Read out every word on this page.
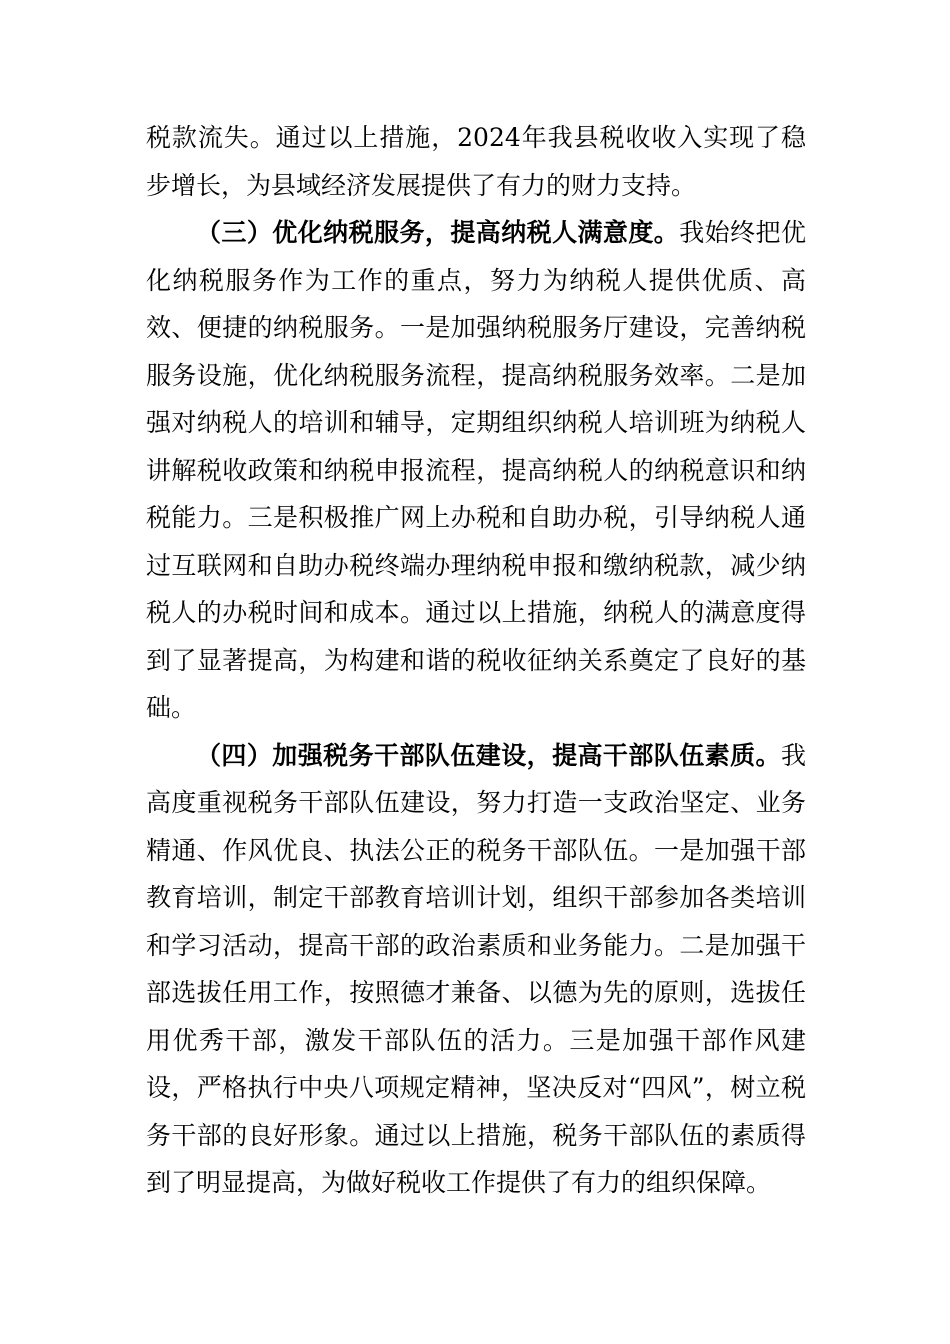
税款流失。通过以上措施，2024年我县税收收入实现了稳步增长，为县域经济发展提供了有力的财力支持。

（三）优化纳税服务，提高纳税人满意度。我始终把优化纳税服务作为工作的重点，努力为纳税人提供优质、高效、便捷的纳税服务。一是加强纳税服务厅建设，完善纳税服务设施，优化纳税服务流程，提高纳税服务效率。二是加强对纳税人的培训和辅导，定期组织纳税人培训班为纳税人讲解税收政策和纳税申报流程，提高纳税人的纳税意识和纳税能力。三是积极推广网上办税和自助办税，引导纳税人通过互联网和自助办税终端办理纳税申报和缴纳税款，减少纳税人的办税时间和成本。通过以上措施，纳税人的满意度得到了显著提高，为构建和谐的税收征纳关系奠定了良好的基础。

（四）加强税务干部队伍建设，提高干部队伍素质。我高度重视税务干部队伍建设，努力打造一支政治坚定、业务精通、作风优良、执法公正的税务干部队伍。一是加强干部教育培训，制定干部教育培训计划，组织干部参加各类培训和学习活动，提高干部的政治素质和业务能力。二是加强干部选拔任用工作，按照德才兼备、以德为先的原则，选拔任用优秀干部，激发干部队伍的活力。三是加强干部作风建设，严格执行中央八项规定精神，坚决反对“四风”，树立税务干部的良好形象。通过以上措施，税务干部队伍的素质得到了明显提高，为做好税收工作提供了有力的组织保障。
